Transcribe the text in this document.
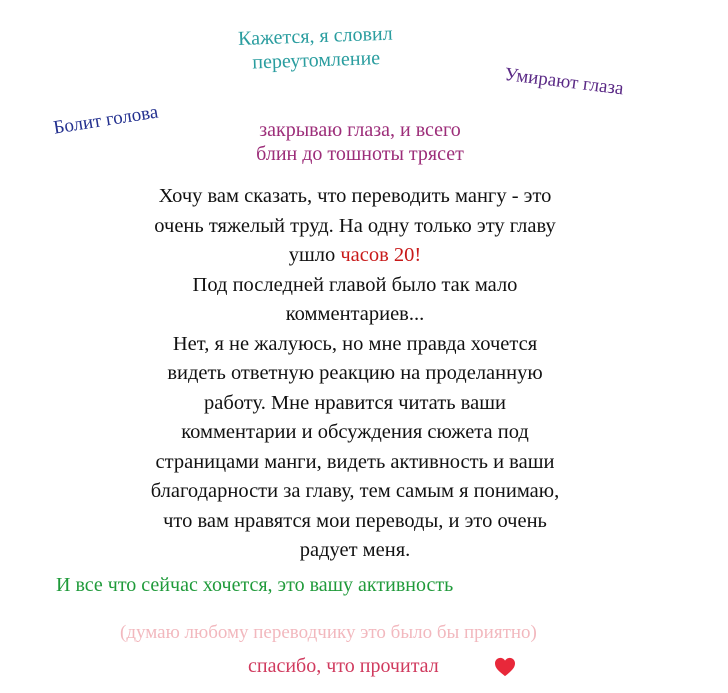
Кажется, я словил
переутомление
Умирают глаза
Болит голова	закрываю глаза, и всего
блин до тошноты трясет
Хочу вам сказать, что переводить мангу - это
очень тяжелый труд. На одну только эту главу
ушло часов 20!
Под последней главой было так мало
комментариев...
Нет, я не жалуюсь, но мне правда хочется
видеть ответную реакцию на проделанную
работу. Мне нравится читать ваши
комментарии и обсуждения сюжета под
страницами манги, видеть активность и ваши
благодарности за главу, тем самым я понимаю,
что вам нравятся мои переводы, и это очень
радует меня.
И все что сейчас хочется, это вашу активность
(думаю любому переводчику это было бы приятно)
спасибо, что прочитал
